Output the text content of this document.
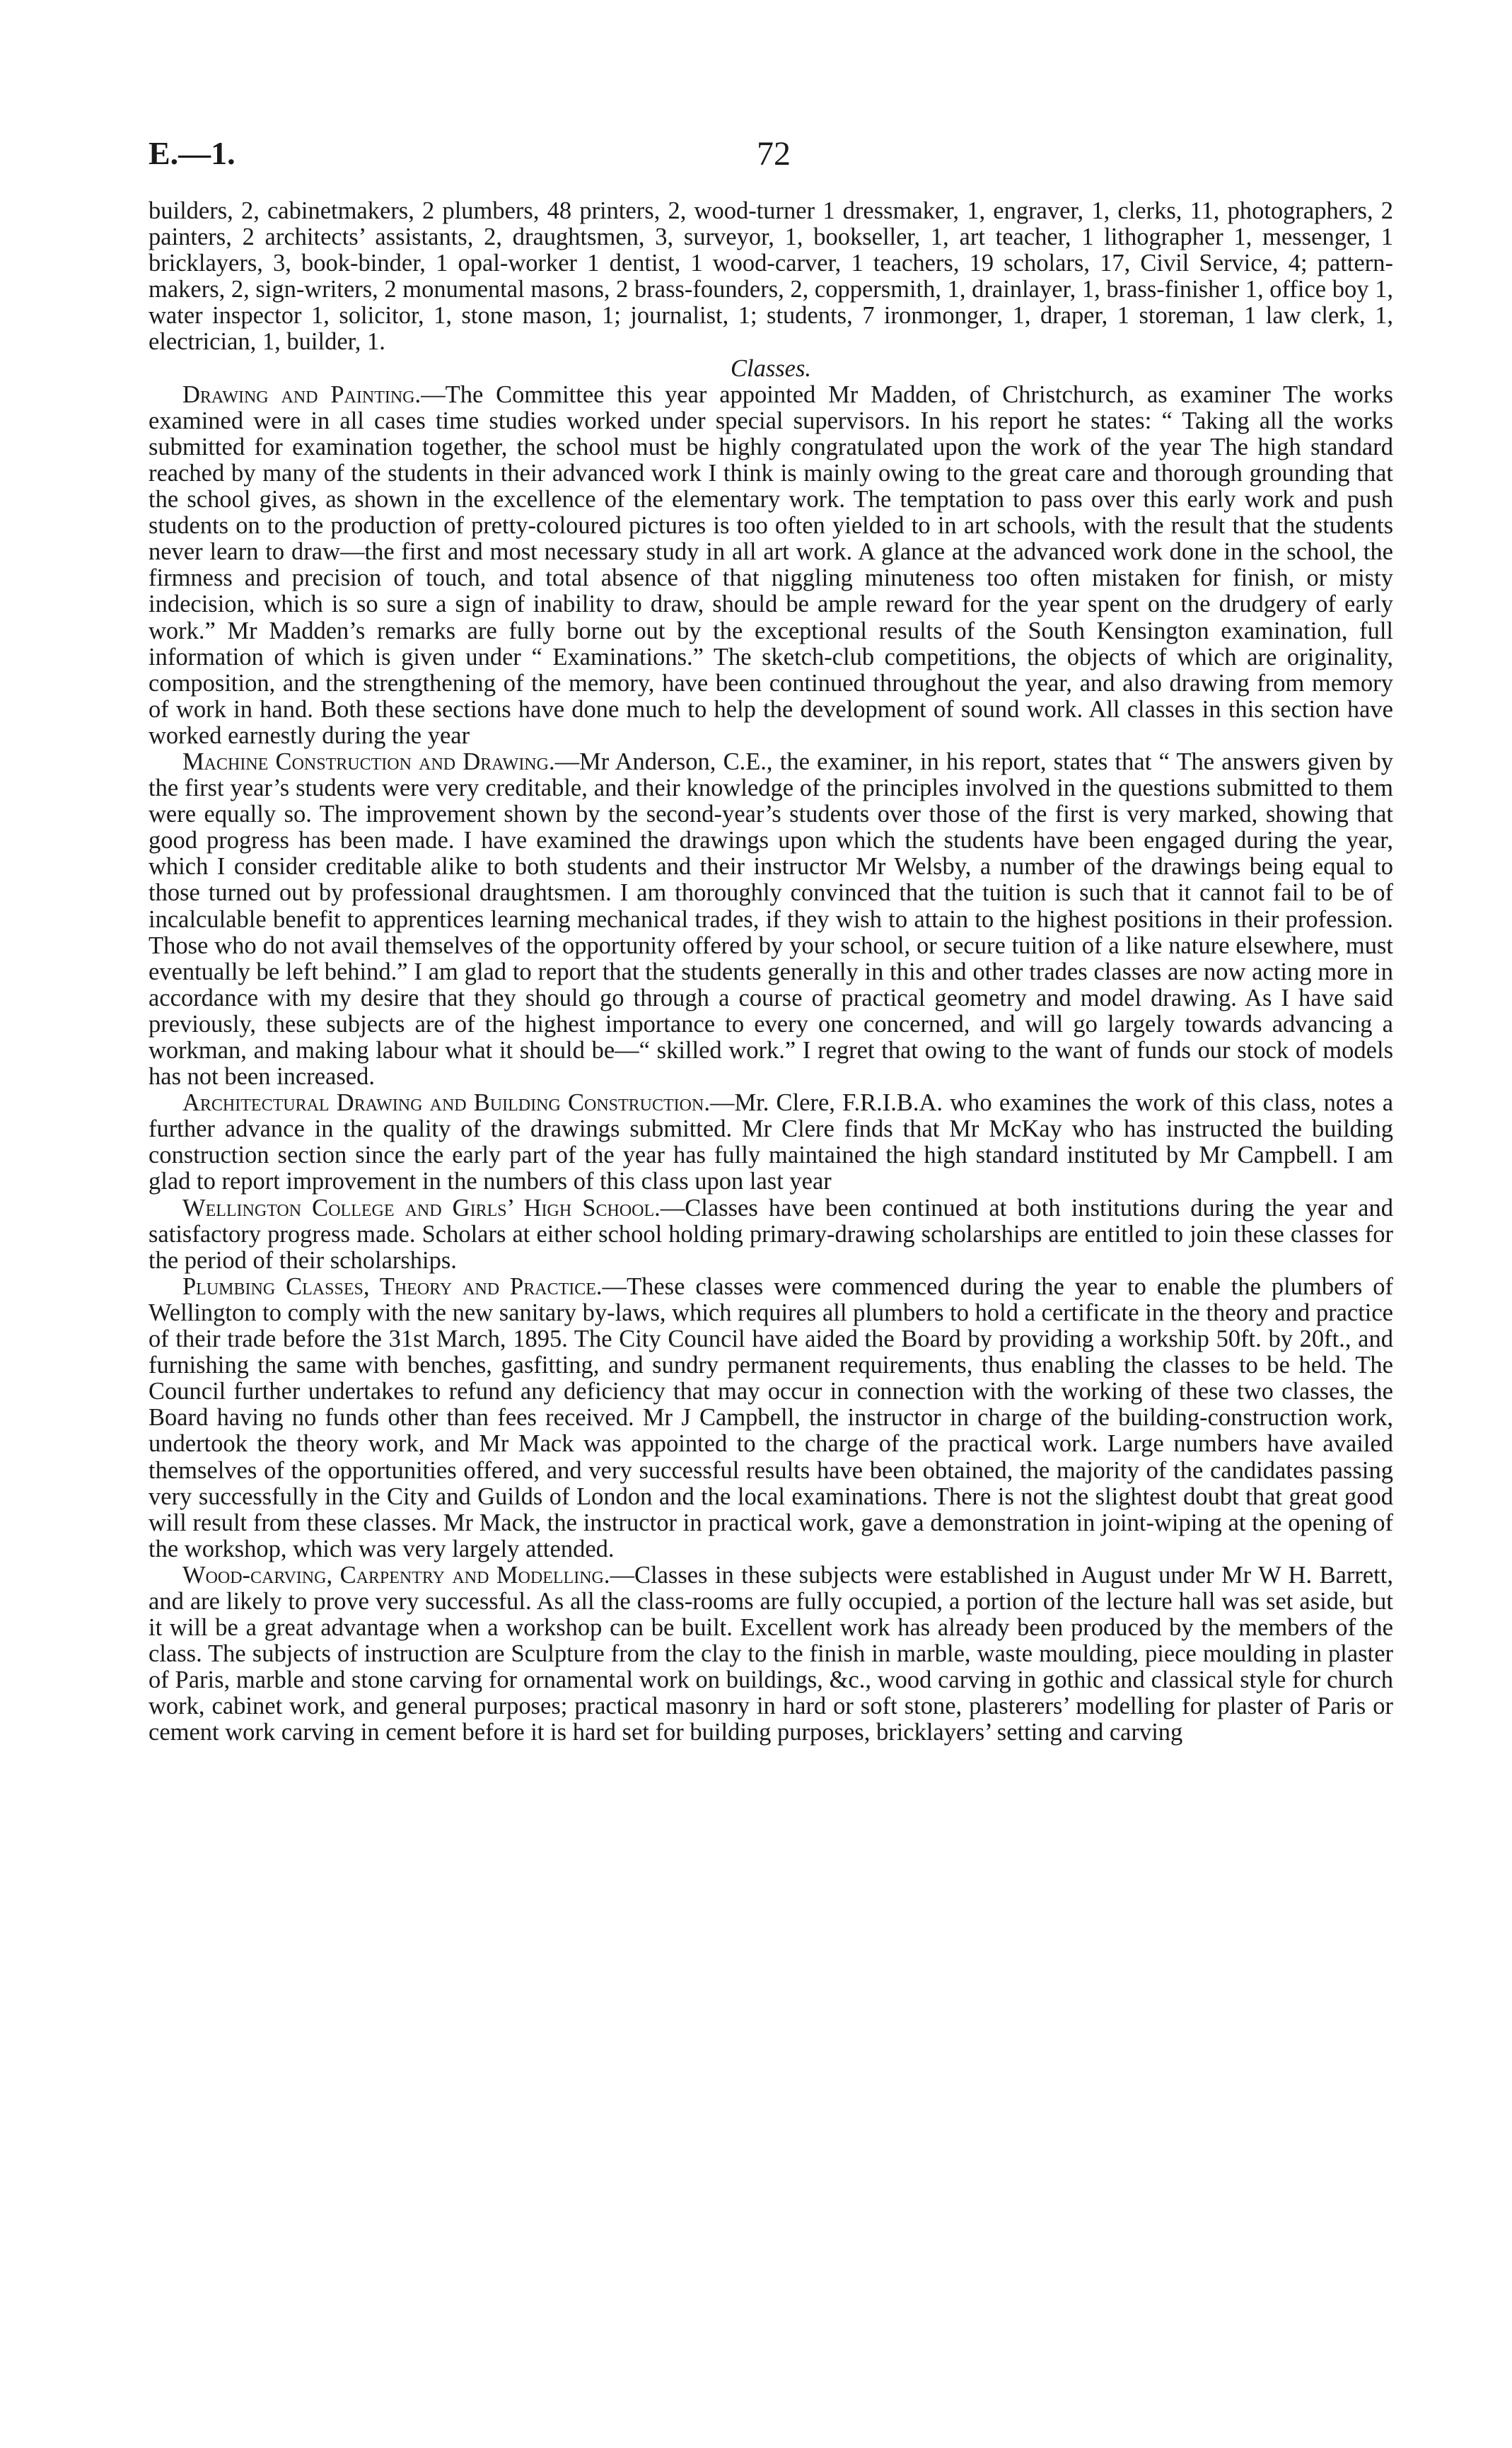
E.—1.	72

builders, 2, cabinetmakers, 2 plumbers, 48 printers, 2, wood-turner 1 dressmaker, 1, engraver, 1, clerks, 11, photographers, 2 painters, 2 architects’ assistants, 2, draughtsmen, 3, surveyor, 1, bookseller, 1, art teacher, 1 lithographer 1, messenger, 1 bricklayers, 3, book-binder, 1 opal-worker 1 dentist, 1 wood-carver, 1 teachers, 19 scholars, 17, Civil Service, 4; pattern-makers, 2, sign-writers, 2 monumental masons, 2 brass-founders, 2, coppersmith, 1, drainlayer, 1, brass-finisher 1, office boy 1, water inspector 1, solicitor, 1, stone mason, 1; journalist, 1; students, 7 ironmonger, 1, draper, 1 storeman, 1 law clerk, 1, electrician, 1, builder, 1.

Classes.

Drawing and Painting.—The Committee this year appointed Mr Madden, of Christchurch, as examiner The works examined were in all cases time studies worked under special supervisors. In his report he states: “ Taking all the works submitted for examination together, the school must be highly congratulated upon the work of the year The high standard reached by many of the students in their advanced work I think is mainly owing to the great care and thorough grounding that the school gives, as shown in the excellence of the elementary work. The temptation to pass over this early work and push students on to the production of pretty-coloured pictures is too often yielded to in art schools, with the result that the students never learn to draw—the first and most necessary study in all art work. A glance at the advanced work done in the school, the firmness and precision of touch, and total absence of that niggling minuteness too often mistaken for finish, or misty indecision, which is so sure a sign of inability to draw, should be ample reward for the year spent on the drudgery of early work.” Mr Madden’s remarks are fully borne out by the exceptional results of the South Kensington examination, full information of which is given under “ Examinations.” The sketch-club competitions, the objects of which are originality, composition, and the strengthening of the memory, have been continued throughout the year, and also drawing from memory of work in hand. Both these sections have done much to help the development of sound work. All classes in this section have worked earnestly during the year

Machine Construction and Drawing.—Mr Anderson, C.E., the examiner, in his report, states that “ The answers given by the first year’s students were very creditable, and their knowledge of the principles involved in the questions submitted to them were equally so. The improvement shown by the second-year’s students over those of the first is very marked, showing that good progress has been made. I have examined the drawings upon which the students have been engaged during the year, which I consider creditable alike to both students and their instructor Mr Welsby, a number of the drawings being equal to those turned out by professional draughtsmen. I am thoroughly convinced that the tuition is such that it cannot fail to be of incalculable benefit to apprentices learning mechanical trades, if they wish to attain to the highest positions in their profession. Those who do not avail themselves of the opportunity offered by your school, or secure tuition of a like nature elsewhere, must eventually be left behind.” I am glad to report that the students generally in this and other trades classes are now acting more in accordance with my desire that they should go through a course of practical geometry and model drawing. As I have said previously, these subjects are of the highest importance to every one concerned, and will go largely towards advancing a workman, and making labour what it should be—“ skilled work.” I regret that owing to the want of funds our stock of models has not been increased.

Architectural Drawing and Building Construction.—Mr. Clere, F.R.I.B.A. who examines the work of this class, notes a further advance in the quality of the drawings submitted. Mr Clere finds that Mr McKay who has instructed the building construction section since the early part of the year has fully maintained the high standard instituted by Mr Campbell. I am glad to report improvement in the numbers of this class upon last year

Wellington College and Girls’ High School.—Classes have been continued at both institutions during the year and satisfactory progress made. Scholars at either school holding primary-drawing scholarships are entitled to join these classes for the period of their scholarships.

Plumbing Classes, Theory and Practice.—These classes were commenced during the year to enable the plumbers of Wellington to comply with the new sanitary by-laws, which requires all plumbers to hold a certificate in the theory and practice of their trade before the 31st March, 1895. The City Council have aided the Board by providing a workship 50ft. by 20ft., and furnishing the same with benches, gasfitting, and sundry permanent requirements, thus enabling the classes to be held. The Council further undertakes to refund any deficiency that may occur in connection with the working of these two classes, the Board having no funds other than fees received. Mr J Campbell, the instructor in charge of the building-construction work, undertook the theory work, and Mr Mack was appointed to the charge of the practical work. Large numbers have availed themselves of the opportunities offered, and very successful results have been obtained, the majority of the candidates passing very successfully in the City and Guilds of London and the local examinations. There is not the slightest doubt that great good will result from these classes. Mr Mack, the instructor in practical work, gave a demonstration in joint-wiping at the opening of the workshop, which was very largely attended.

Wood-carving, Carpentry and Modelling.—Classes in these subjects were established in August under Mr W H. Barrett, and are likely to prove very successful. As all the class-rooms are fully occupied, a portion of the lecture hall was set aside, but it will be a great advantage when a workshop can be built. Excellent work has already been produced by the members of the class. The subjects of instruction are Sculpture from the clay to the finish in marble, waste moulding, piece moulding in plaster of Paris, marble and stone carving for ornamental work on buildings, &c., wood carving in gothic and classical style for church work, cabinet work, and general purposes; practical masonry in hard or soft stone, plasterers’ modelling for plaster of Paris or cement work carving in cement before it is hard set for building purposes, bricklayers’ setting and carving
